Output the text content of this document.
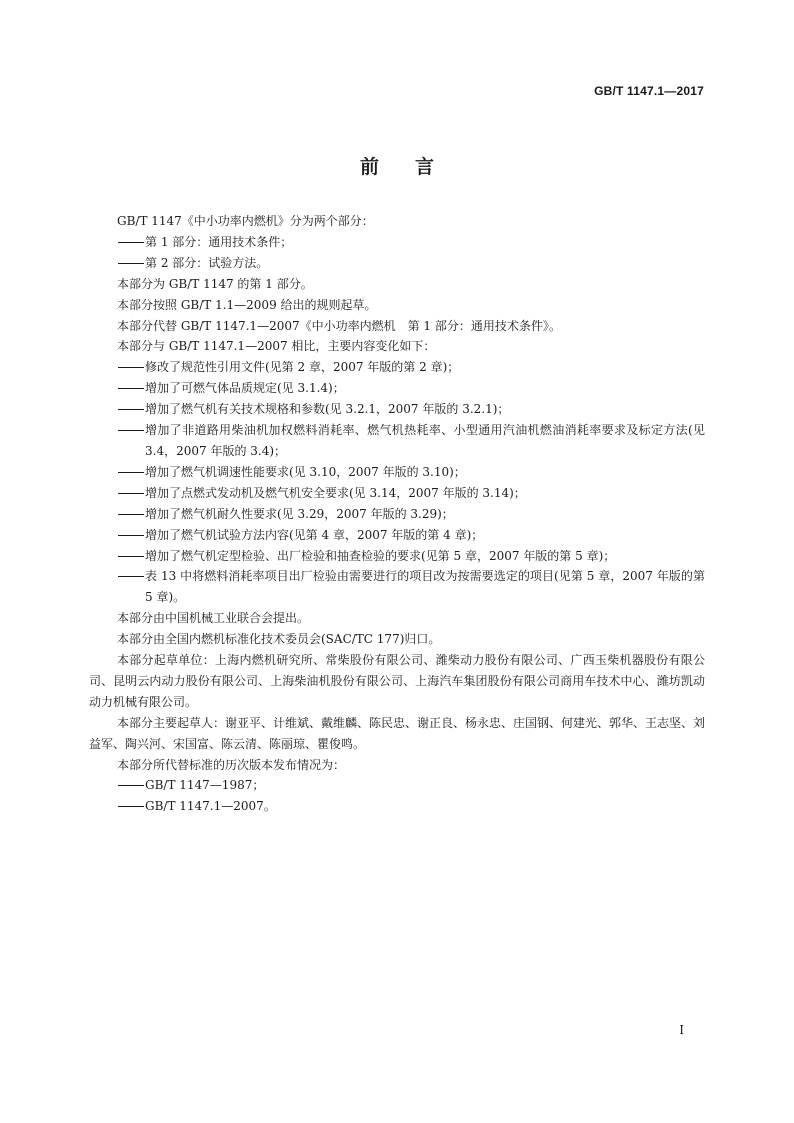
GB/T 1147.1—2017
前言

GB/T 1147《中小功率内燃机》分为两个部分：

第 1 部分：通用技术条件；

第 2 部分：试验方法。

本部分为 GB/T 1147 的第 1 部分。

本部分按照 GB/T 1.1—2009 给出的规则起草。

本部分代替 GB/T 1147.1—2007《中小功率内燃机　第 1 部分：通用技术条件》。

本部分与 GB/T 1147.1—2007 相比，主要内容变化如下：

修改了规范性引用文件(见第 2 章，2007 年版的第 2 章)；

增加了可燃气体品质规定(见 3.1.4)；

增加了燃气机有关技术规格和参数(见 3.2.1，2007 年版的 3.2.1)；

增加了非道路用柴油机加权燃料消耗率、燃气机热耗率、小型通用汽油机燃油消耗率要求及标定方法(见 3.4，2007 年版的 3.4)；

增加了燃气机调速性能要求(见 3.10，2007 年版的 3.10)；

增加了点燃式发动机及燃气机安全要求(见 3.14，2007 年版的 3.14)；

增加了燃气机耐久性要求(见 3.29，2007 年版的 3.29)；

增加了燃气机试验方法内容(见第 4 章，2007 年版的第 4 章)；

增加了燃气机定型检验、出厂检验和抽查检验的要求(见第 5 章，2007 年版的第 5 章)；

表 13 中将燃料消耗率项目出厂检验由需要进行的项目改为按需要选定的项目(见第 5 章，2007 年版的第 5 章)。

本部分由中国机械工业联合会提出。

本部分由全国内燃机标准化技术委员会(SAC/TC 177)归口。

本部分起草单位：上海内燃机研究所、常柴股份有限公司、潍柴动力股份有限公司、广西玉柴机器股份有限公司、昆明云内动力股份有限公司、上海柴油机股份有限公司、上海汽车集团股份有限公司商用车技术中心、潍坊凯动动力机械有限公司。

本部分主要起草人：谢亚平、计维斌、戴维麟、陈民忠、谢正良、杨永忠、庄国钢、何建光、郭华、王志坚、刘益军、陶兴河、宋国富、陈云清、陈丽琼、瞿俊鸣。

本部分所代替标准的历次版本发布情况为：

GB/T 1147—1987；

GB/T 1147.1—2007。

I
